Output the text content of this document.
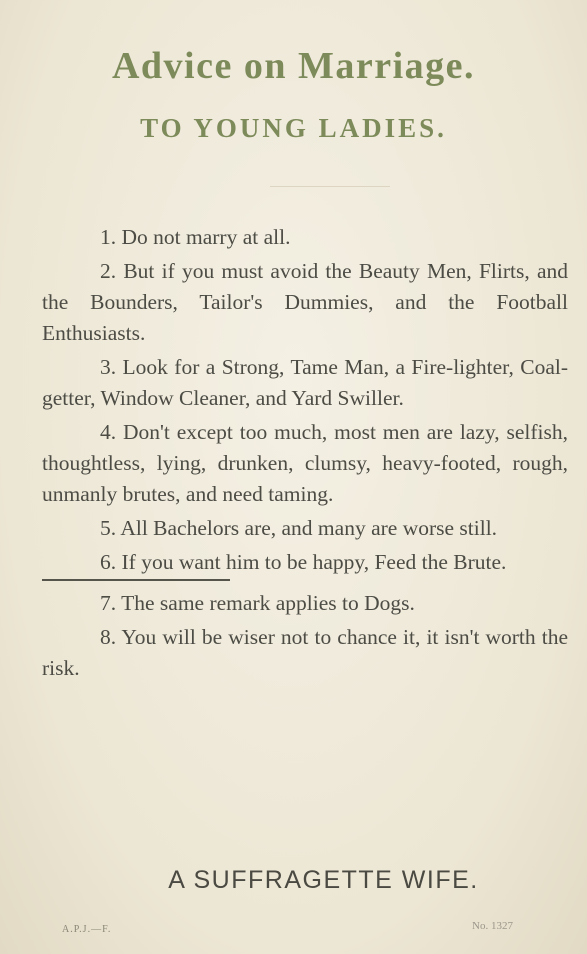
Advice on Marriage.
TO YOUNG LADIES.

1. Do not marry at all.

2. But if you must avoid the Beauty Men, Flirts, and the Bounders, Tailor's Dummies, and the Football Enthusiasts.

3. Look for a Strong, Tame Man, a Fire-lighter, Coal-getter, Window Cleaner, and Yard Swiller.

4. Don't except too much, most men are lazy, selfish, thoughtless, lying, drunken, clumsy, heavy-footed, rough, unmanly brutes, and need taming.

5. All Bachelors are, and many are worse still.

6. If you want him to be happy, Feed the Brute.

7. The same remark applies to Dogs.

8. You will be wiser not to chance it, it isn't worth the risk.

A SUFFRAGETTE WIFE.
A.P.J.—F.	No. 1327
